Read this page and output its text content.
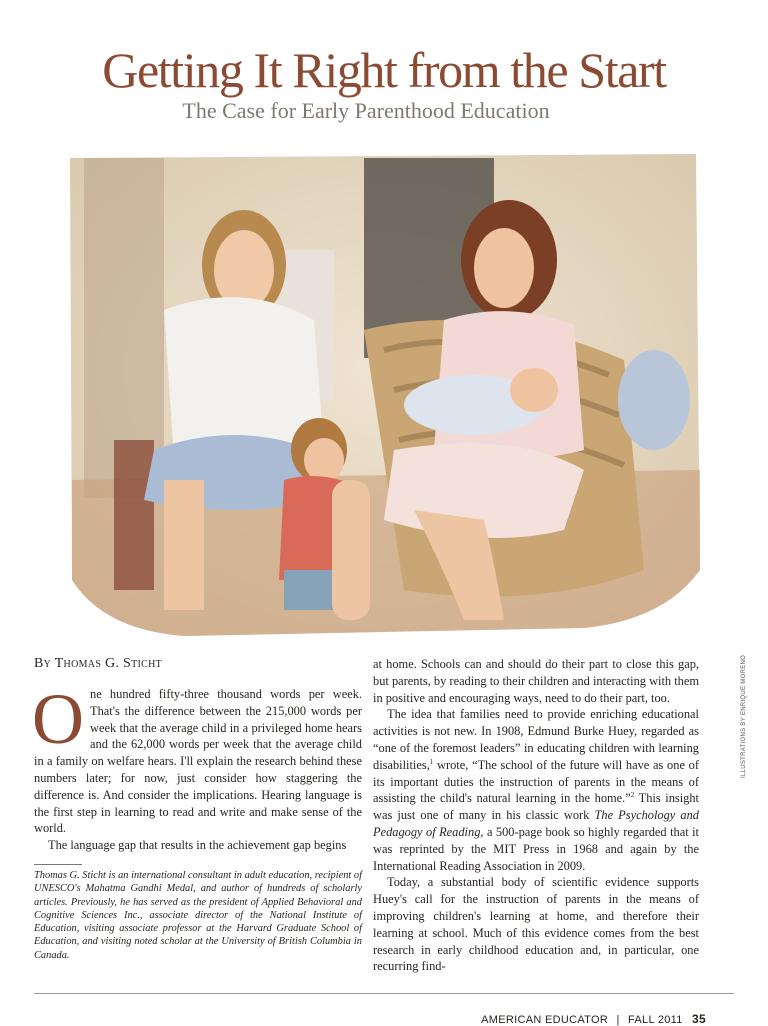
Getting It Right from the Start
The Case for Early Parenthood Education
ILLUSTRATIONS BY ENRIQUE MORENO
By Thomas G. Sticht

One hundred fifty-three thousand words per week. That's the difference between the 215,000 words per week that the average child in a privileged home hears and the 62,000 words per week that the average child in a family on welfare hears. I'll explain the research behind these numbers later; for now, just consider how staggering the difference is. And consider the implications. Hearing language is the first step in learning to read and write and make sense of the world.

The language gap that results in the achievement gap begins

Thomas G. Sticht is an international consultant in adult education, recipient of UNESCO's Mahatma Gandhi Medal, and author of hundreds of scholarly articles. Previously, he has served as the president of Applied Behavioral and Cognitive Sciences Inc., associate director of the National Institute of Education, visiting associate professor at the Harvard Graduate School of Education, and visiting noted scholar at the University of British Columbia in Canada.

at home. Schools can and should do their part to close this gap, but parents, by reading to their children and interacting with them in positive and encouraging ways, need to do their part, too.

The idea that families need to provide enriching educational activities is not new. In 1908, Edmund Burke Huey, regarded as “one of the foremost leaders” in educating children with learning disabilities,$^1$ wrote, “The school of the future will have as one of its important duties the instruction of parents in the means of assisting the child's natural learning in the home.”$^2$ This insight was just one of many in his classic work The Psychology and Pedagogy of Reading, a 500-page book so highly regarded that it was reprinted by the MIT Press in 1968 and again by the International Reading Association in 2009.

Today, a substantial body of scientific evidence supports Huey's call for the instruction of parents in the means of improving children's learning at home, and therefore their learning at school. Much of this evidence comes from the best research in early childhood education and, in particular, one recurring find-

AMERICAN EDUCATOR | FALL 2011 35
